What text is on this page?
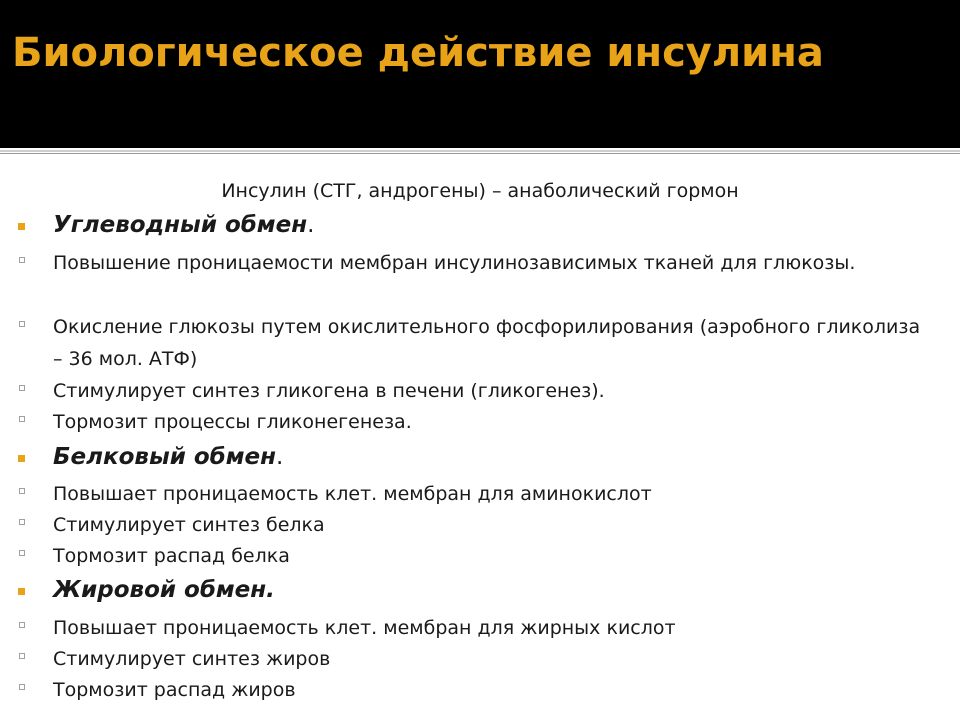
Биологическое действие инсулина
Инсулин (СТГ, андрогены) – анаболический гормон
Углеводный обмен.
Повышение проницаемости мембран инсулинозависимых тканей для глюкозы.
Окисление глюкозы путем окислительного фосфорилирования (аэробного гликолиза – 36 мол. АТФ)
Стимулирует синтез гликогена в печени (гликогенез).
Тормозит процессы гликонегенеза.
Белковый обмен.
Повышает проницаемость клет. мембран для аминокислот
Стимулирует синтез белка
Тормозит распад белка
Жировой обмен.
Повышает проницаемость клет. мембран для жирных кислот
Стимулирует синтез жиров
Тормозит распад жиров
